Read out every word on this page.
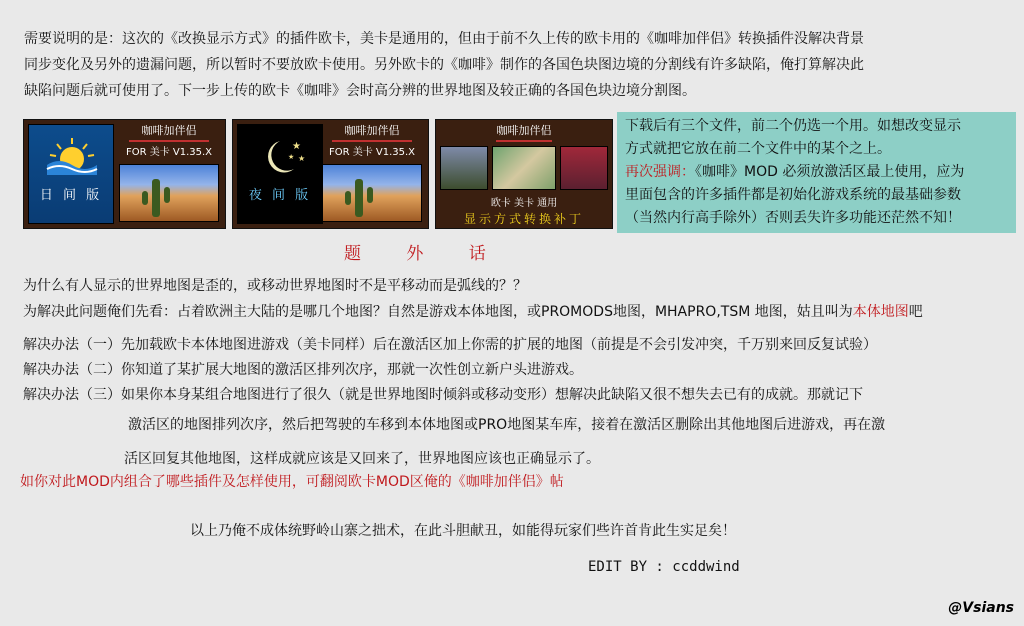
需要说明的是：这次的《改换显示方式》的插件欧卡，美卡是通用的，但由于前不久上传的欧卡用的《咖啡加伴侣》转换插件没解决背景
同步变化及另外的遗漏问题，所以暂时不要放欧卡使用。另外欧卡的《咖啡》制作的各国色块图边境的分割线有许多缺陷，俺打算解决此
缺陷问题后就可使用了。下一步上传的欧卡《咖啡》会时高分辨的世界地图及较正确的各国色块边境分割图。
日 间 版
咖啡加伴侣
FOR 美卡 V1.35.X
★
★
★
夜 间 版
咖啡加伴侣
FOR 美卡 V1.35.X
咖啡加伴侣
欧卡 美卡 通用
显示方式转换补丁
下载后有三个文件，前二个仍选一个用。如想改变显示
方式就把它放在前二个文件中的某个之上。
再次强调：《咖啡》MOD 必须放激活区最上使用，应为
里面包含的许多插件都是初始化游戏系统的最基础参数
（当然内行高手除外）否则丢失许多功能还茫然不知！
题 外 话
为什么有人显示的世界地图是歪的，或移动世界地图时不是平移动而是弧线的？？
为解决此问题俺们先看：占着欧洲主大陆的是哪几个地图？自然是游戏本体地图，或PROMODS地图，MHAPRO,TSM 地图，姑且叫为本体地图吧
解决办法（一）先加载欧卡本体地图进游戏（美卡同样）后在激活区加上你需的扩展的地图（前提是不会引发冲突，千万别来回反复试验）
解决办法（二）你知道了某扩展大地图的激活区排列次序，那就一次性创立新户头进游戏。
解决办法（三）如果你本身某组合地图进行了很久（就是世界地图时倾斜或移动变形）想解决此缺陷又很不想失去已有的成就。那就记下
激活区的地图排列次序，然后把驾驶的车移到本体地图或PRO地图某车库，接着在激活区删除出其他地图后进游戏，再在激
活区回复其他地图，这样成就应该是又回来了，世界地图应该也正确显示了。
如你对此MOD内组合了哪些插件及怎样使用，可翻阅欧卡MOD区俺的《咖啡加伴侣》帖
以上乃俺不成体统野岭山寨之拙术，在此斗胆献丑，如能得玩家们些许首肯此生实足矣！
EDIT BY : ccddwind
@Vsians
